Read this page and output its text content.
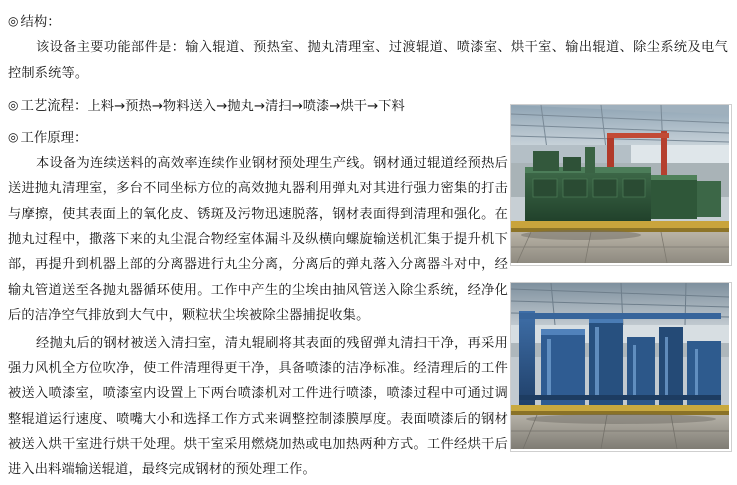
◎ 结构：

该设备主要功能部件是：输入辊道、预热室、抛丸清理室、过渡辊道、喷漆室、烘干室、输出辊道、除尘系统及电气控制系统等。

◎ 工艺流程： 上料→预热→物料送入→抛丸→清扫→喷漆→烘干→下料
◎ 工作原理：

本设备为连续送料的高效率连续作业钢材预处理生产线。钢材通过辊道经预热后送进抛丸清理室，多台不同坐标方位的高效抛丸器利用弹丸对其进行强力密集的打击与摩擦，使其表面上的氧化皮、锈斑及污物迅速脱落，钢材表面得到清理和强化。在抛丸过程中，撒落下来的丸尘混合物经室体漏斗及纵横向螺旋输送机汇集于提升机下部，再提升到机器上部的分离器进行丸尘分离，分离后的弹丸落入分离器斗对中，经输丸管道送至各抛丸器循环使用。工作中产生的尘埃由抽风管送入除尘系统，经净化后的洁净空气排放到大气中，颗粒状尘埃被除尘器捕捉收集。

经抛丸后的钢材被送入清扫室，清丸辊刷将其表面的残留弹丸清扫干净，再采用强力风机全方位吹净，使工件清理得更干净，具备喷漆的洁净标准。经清理后的工件被送入喷漆室，喷漆室内设置上下两台喷漆机对工件进行喷漆，喷漆过程中可通过调整辊道运行速度、喷嘴大小和选择工作方式来调整控制漆膜厚度。表面喷漆后的钢材被送入烘干室进行烘干处理。烘干室采用燃烧加热或电加热两种方式。工件经烘干后进入出料端输送辊道，最终完成钢材的预处理工作。
